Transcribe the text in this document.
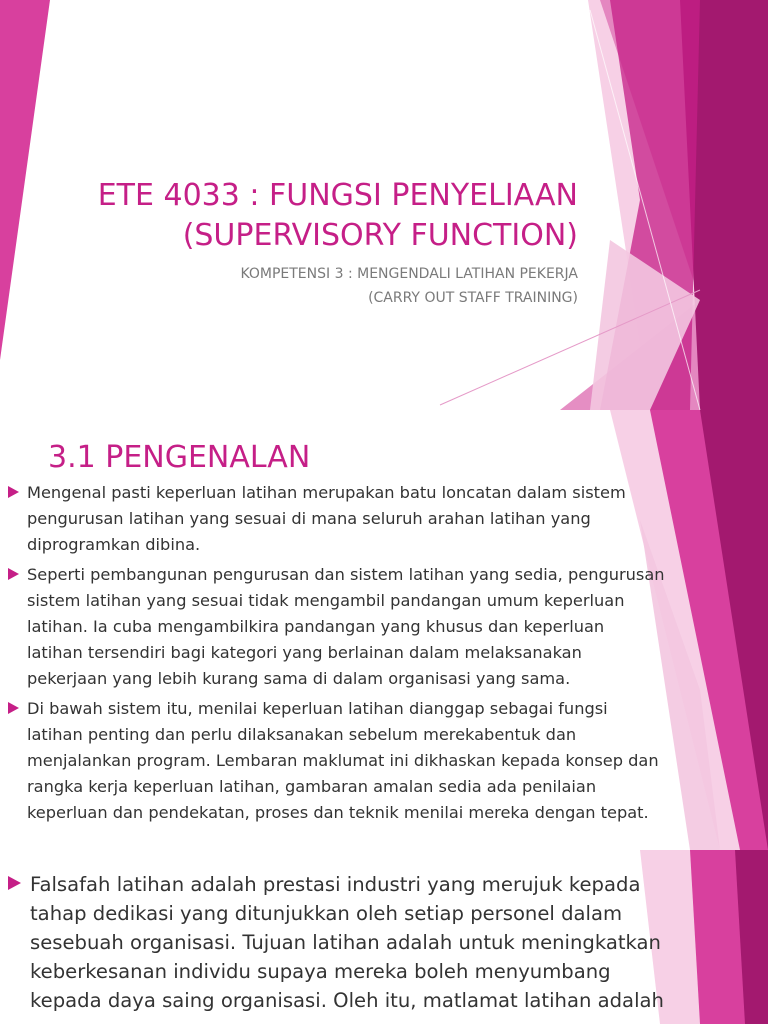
ETE 4033 : FUNGSI PENYELIAAN
(SUPERVISORY FUNCTION)
KOMPETENSI 3 : MENGENDALI LATIHAN PEKERJA
(CARRY OUT STAFF TRAINING)
3.1 PENGENALAN
Mengenal pasti keperluan latihan merupakan batu loncatan dalam sistem
pengurusan latihan yang sesuai di mana seluruh arahan latihan yang
diprogramkan dibina.
Seperti pembangunan pengurusan dan sistem latihan yang sedia, pengurusan
sistem latihan yang sesuai tidak mengambil pandangan umum keperluan
latihan. Ia cuba mengambilkira pandangan yang khusus dan keperluan
latihan tersendiri bagi kategori yang berlainan dalam melaksanakan
pekerjaan yang lebih kurang sama di dalam organisasi yang sama.
Di bawah sistem itu, menilai keperluan latihan dianggap sebagai fungsi
latihan penting dan perlu dilaksanakan sebelum merekabentuk dan
menjalankan program. Lembaran maklumat ini dikhaskan kepada konsep dan
rangka kerja keperluan latihan, gambaran amalan sedia ada penilaian
keperluan dan pendekatan, proses dan teknik menilai mereka dengan tepat.
Falsafah latihan adalah prestasi industri yang merujuk kepada
tahap dedikasi yang ditunjukkan oleh setiap personel dalam
sesebuah organisasi. Tujuan latihan adalah untuk meningkatkan
keberkesanan individu supaya mereka boleh menyumbang
kepada daya saing organisasi. Oleh itu, matlamat latihan adalah
